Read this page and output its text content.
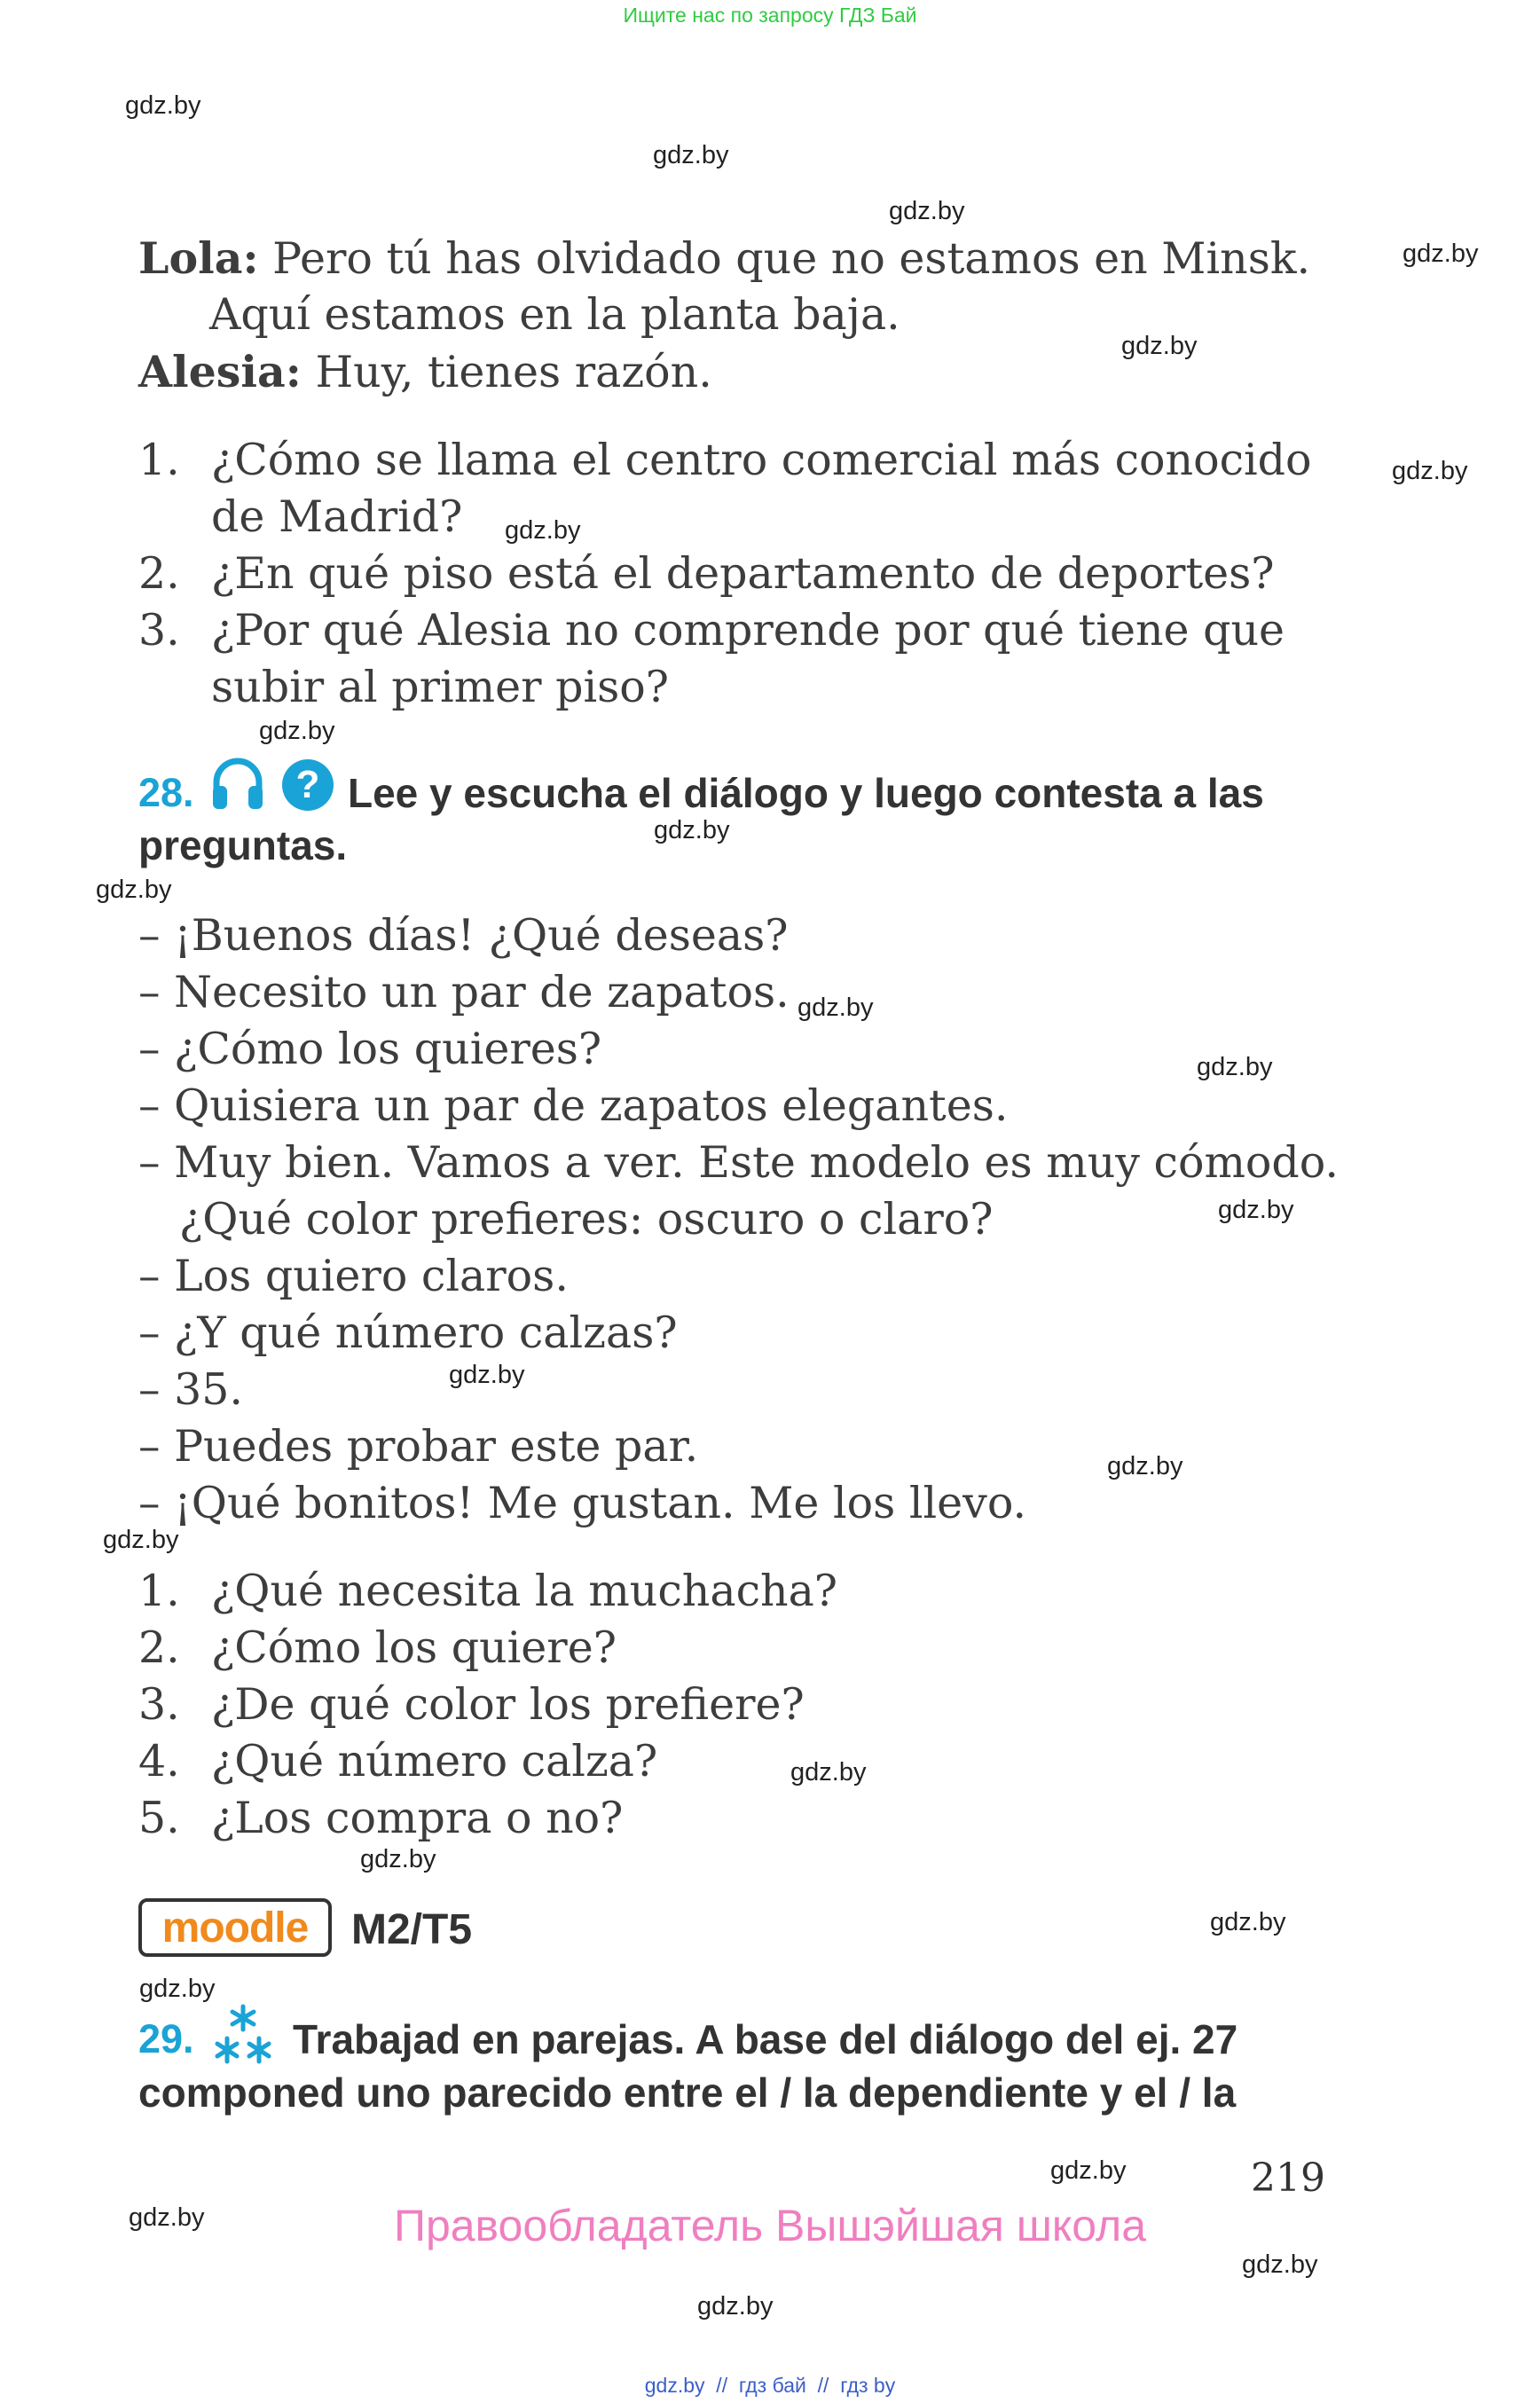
Ищите нас по запросу ГДЗ Бай
gdz.by
gdz.by
gdz.by
gdz.by
gdz.by
gdz.by
gdz.by
gdz.by
gdz.by
gdz.by
gdz.by
gdz.by
gdz.by
gdz.by
gdz.by
gdz.by
gdz.by
gdz.by
gdz.by
gdz.by
gdz.by
gdz.by
gdz.by
gdz.by
Lola: Pero tú has olvidado que no estamos en Minsk.
Aquí estamos en la planta baja.
Alesia: Huy, tienes razón.
1. ¿Cómo se llama el centro comercial más conocido
de Madrid?
2. ¿En qué piso está el departamento de deportes?
3. ¿Por qué Alesia no comprende por qué tiene que
subir al primer piso?
28.	? Lee y escucha el diálogo y luego contesta a las
preguntas.
– ¡Buenos días! ¿Qué deseas?
– Necesito un par de zapatos.
– ¿Cómo los quieres?
– Quisiera un par de zapatos elegantes.
– Muy bien. Vamos a ver. Este modelo es muy cómodo.
¿Qué color prefieres: oscuro o claro?
– Los quiero claros.
– ¿Y qué número calzas?
– 35.
– Puedes probar este par.
– ¡Qué bonitos! Me gustan. Me los llevo.
1. ¿Qué necesita la muchacha?
2. ¿Cómo los quiere?
3. ¿De qué color los prefiere?
4. ¿Qué número calza?
5. ¿Los compra o no?
moodle	M2/T5
29. Trabajad en parejas. A base del diálogo del ej. 27
componed uno parecido entre el / la dependiente y el / la
219
Правообладатель Вышэйшая школа
gdz.by  //  гдз бай  //  гдз by
